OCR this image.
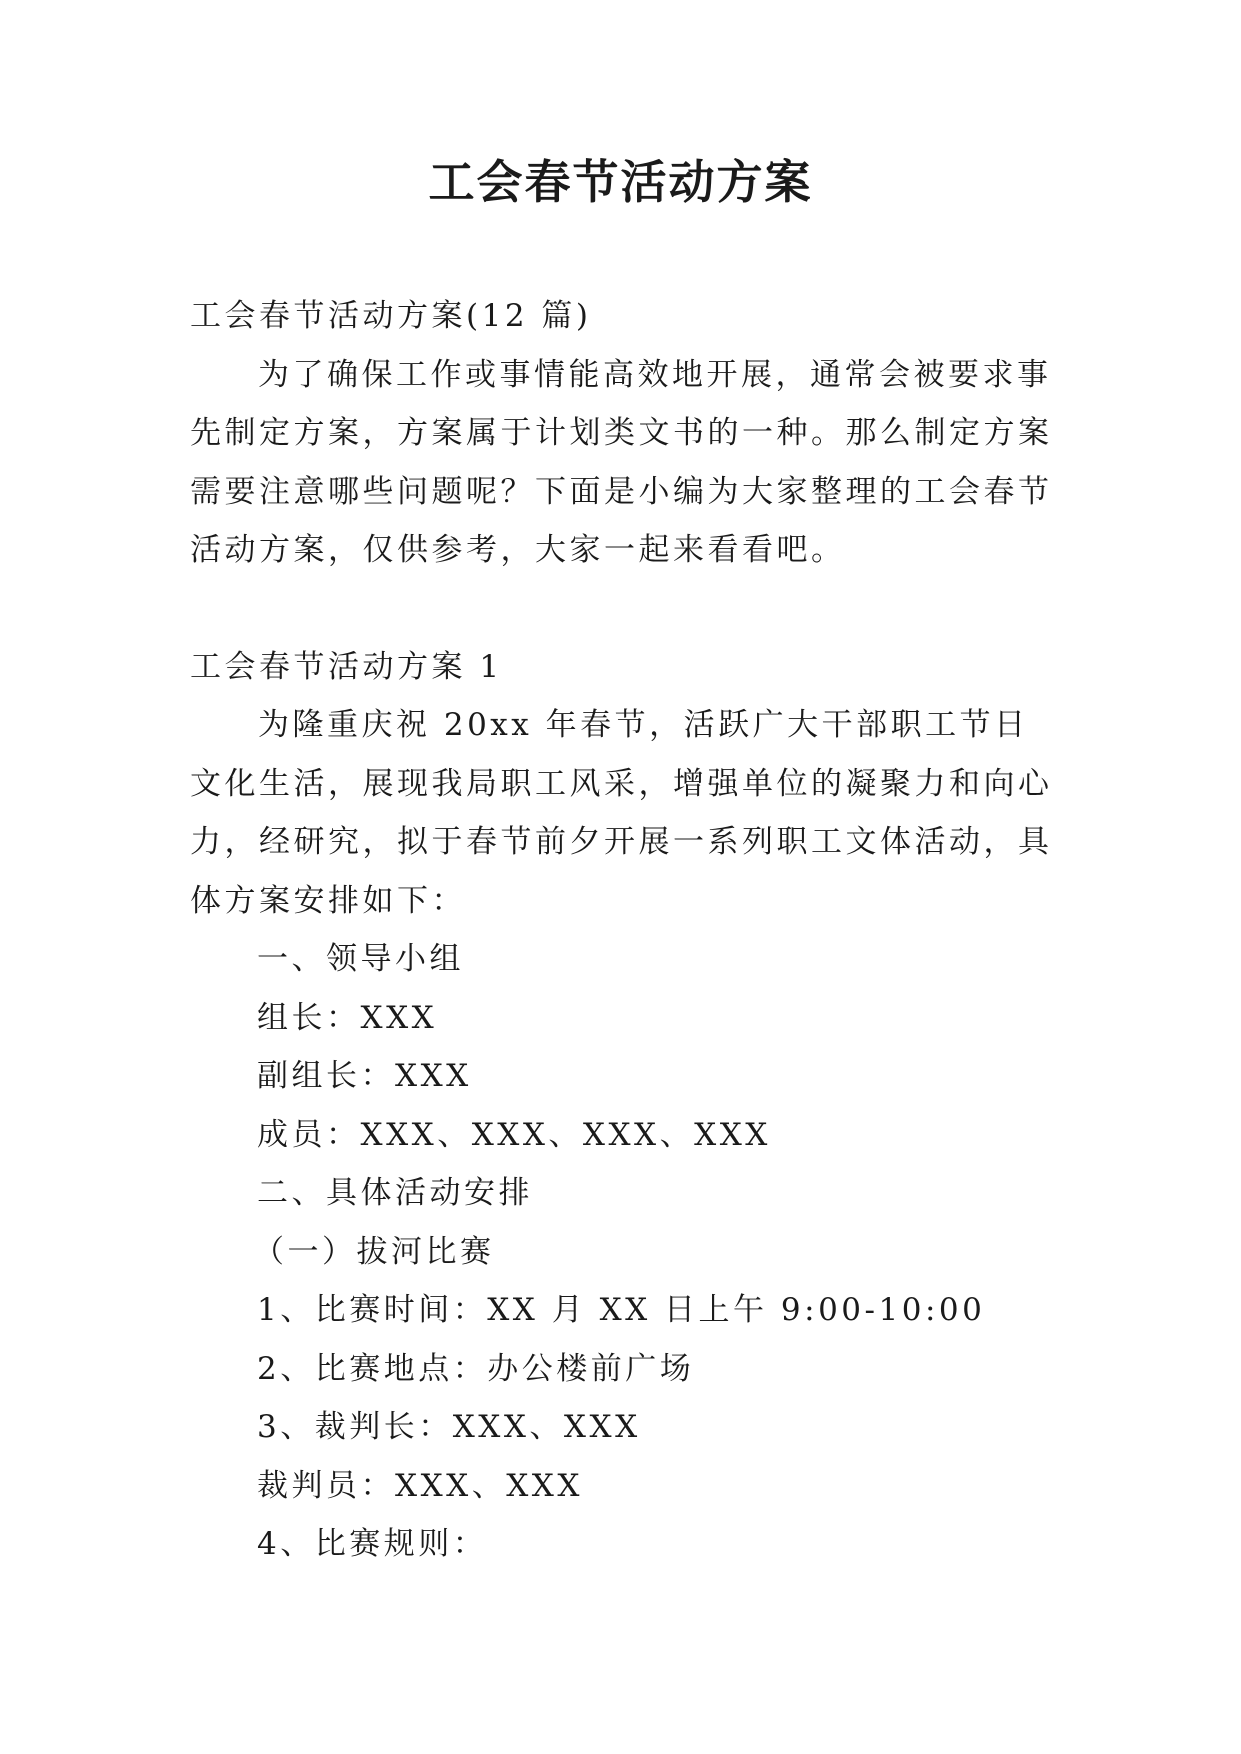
工会春节活动方案

工会春节活动方案(12 篇)

为了确保工作或事情能高效地开展，通常会被要求事先制定方案，方案属于计划类文书的一种。那么制定方案需要注意哪些问题呢？下面是小编为大家整理的工会春节活动方案，仅供参考，大家一起来看看吧。

工会春节活动方案 1

为隆重庆祝 20xx 年春节，活跃广大干部职工节日文化生活，展现我局职工风采，增强单位的凝聚力和向心力，经研究，拟于春节前夕开展一系列职工文体活动，具体方案安排如下：

一、领导小组

组长：XXX

副组长：XXX

成员：XXX、XXX、XXX、XXX

二、具体活动安排

（一）拔河比赛

1、比赛时间：XX 月 XX 日上午 9:00-10:00

2、比赛地点：办公楼前广场

3、裁判长：XXX、XXX

裁判员：XXX、XXX

4、比赛规则：
